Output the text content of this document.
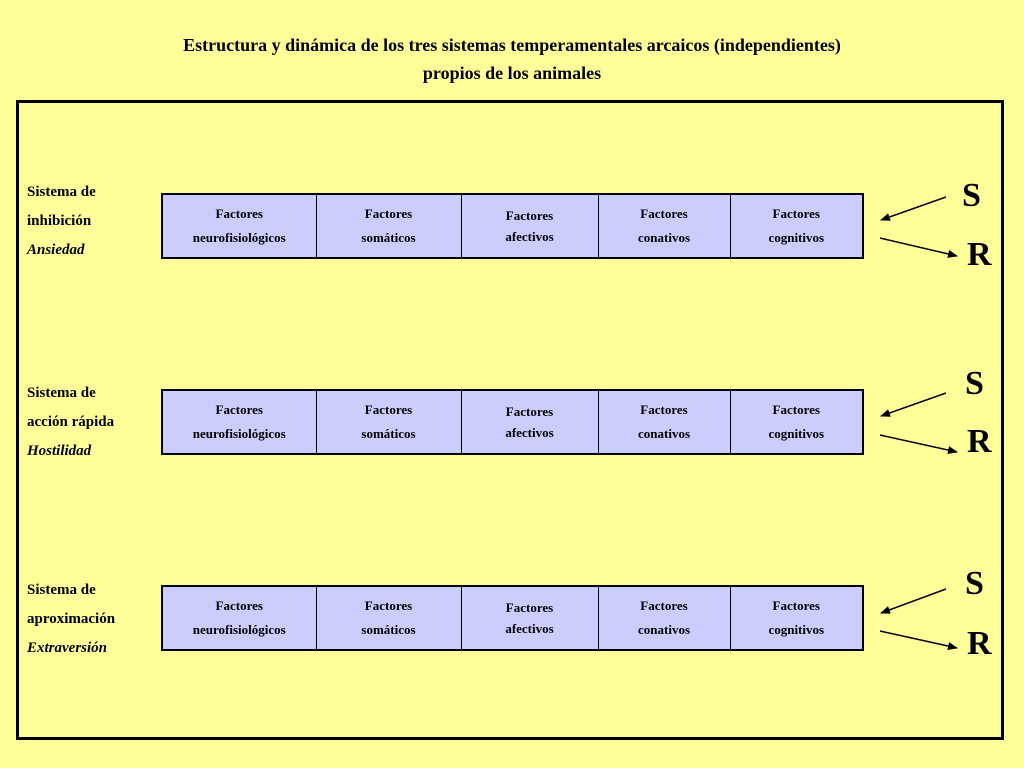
Estructura y dinámica de los tres sistemas temperamentales arcaicos (independientes)
propios de los animales
Sistema de
inhibición
Ansiedad
Factores
neurofisiológicos

Factores
somáticos

Factores
afectivos

Factores
conativos

Factores
cognitivos
S
R
Sistema de
acción rápida
Hostilidad
Factores
neurofisiológicos

Factores
somáticos

Factores
afectivos

Factores
conativos

Factores
cognitivos
S
R
Sistema de
aproximación
Extraversión
Factores
neurofisiológicos

Factores
somáticos

Factores
afectivos

Factores
conativos

Factores
cognitivos
S
R
